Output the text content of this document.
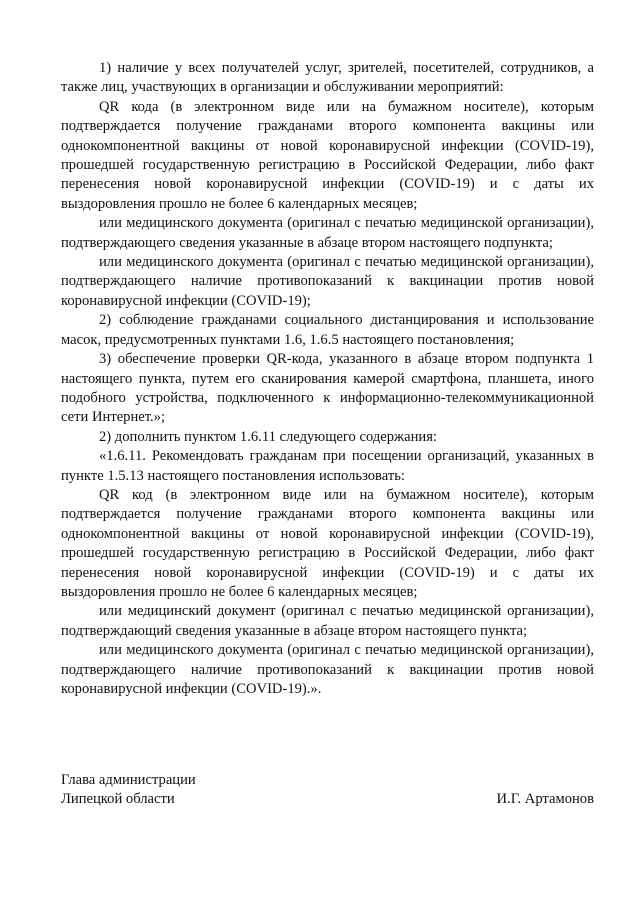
1) наличие у всех получателей услуг, зрителей, посетителей, сотрудников, а также лиц, участвующих в организации и обслуживании мероприятий:

QR кода (в электронном виде или на бумажном носителе), которым подтверждается получение гражданами второго компонента вакцины или однокомпонентной вакцины от новой коронавирусной инфекции (COVID-19), прошедшей государственную регистрацию в Российской Федерации, либо факт перенесения новой коронавирусной инфекции (COVID-19) и с даты их выздоровления прошло не более 6 календарных месяцев;

или медицинского документа (оригинал с печатью медицинской организации), подтверждающего сведения указанные в абзаце втором настоящего подпункта;

или медицинского документа (оригинал с печатью медицинской организации), подтверждающего наличие противопоказаний к вакцинации против новой коронавирусной инфекции (COVID-19);

2) соблюдение гражданами социального дистанцирования и использование масок, предусмотренных пунктами 1.6, 1.6.5 настоящего постановления;

3) обеспечение проверки QR-кода, указанного в абзаце втором подпункта 1 настоящего пункта, путем его сканирования камерой смартфона, планшета, иного подобного устройства, подключенного к информационно-телекоммуникационной сети Интернет.»;

2) дополнить пунктом 1.6.11 следующего содержания:

«1.6.11. Рекомендовать гражданам при посещении организаций, указанных в пункте 1.5.13 настоящего постановления использовать:

QR код (в электронном виде или на бумажном носителе), которым подтверждается получение гражданами второго компонента вакцины или однокомпонентной вакцины от новой коронавирусной инфекции (COVID-19), прошедшей государственную регистрацию в Российской Федерации, либо факт перенесения новой коронавирусной инфекции (COVID-19) и с даты их выздоровления прошло не более 6 календарных месяцев;

или медицинский документ (оригинал с печатью медицинской организации), подтверждающий сведения указанные в абзаце втором настоящего пункта;

или медицинского документа (оригинал с печатью медицинской организации), подтверждающего наличие противопоказаний к вакцинации против новой коронавирусной инфекции (COVID-19).».

Глава администрации
Липецкой области	И.Г. Артамонов
